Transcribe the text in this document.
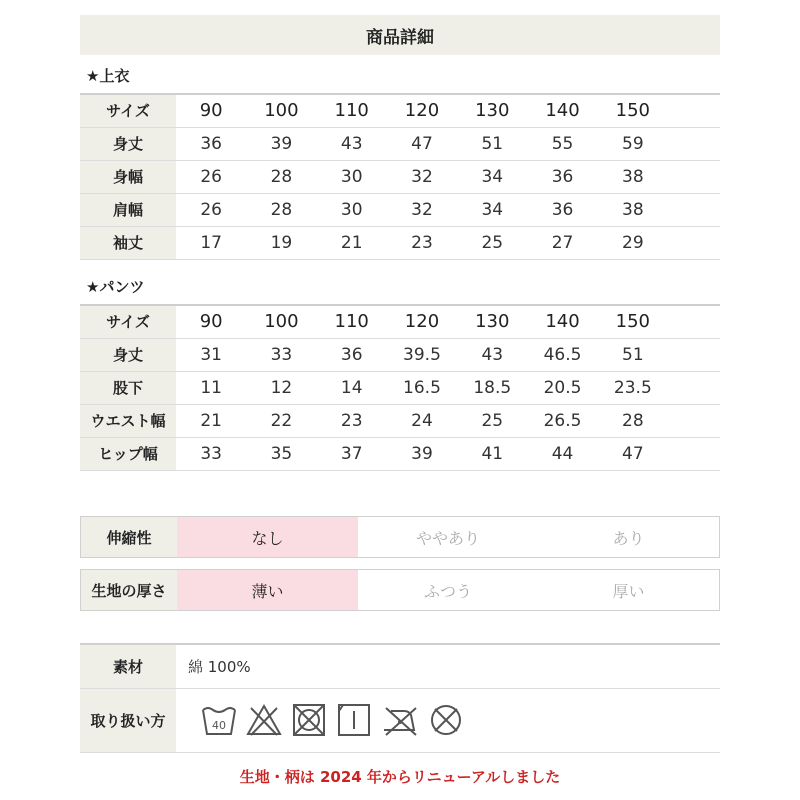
商品詳細
★上衣
サイズ	90	100	110	120	130	140	150	
身丈	36	39	43	47	51	55	59	
身幅	26	28	30	32	34	36	38	
肩幅	26	28	30	32	34	36	38	
袖丈	17	19	21	23	25	27	29	
★パンツ
サイズ	90	100	110	120	130	140	150	
身丈	31	33	36	39.5	43	46.5	51	
股下	11	12	14	16.5	18.5	20.5	23.5	
ウエスト幅	21	22	23	24	25	26.5	28	
ヒップ幅	33	35	37	39	41	44	47	
伸縮性	なし	ややあり	あり
生地の厚さ	薄い	ふつう	厚い
素材	綿 100%
取り扱い方	40
生地・柄は 2024 年からリニューアルしました
